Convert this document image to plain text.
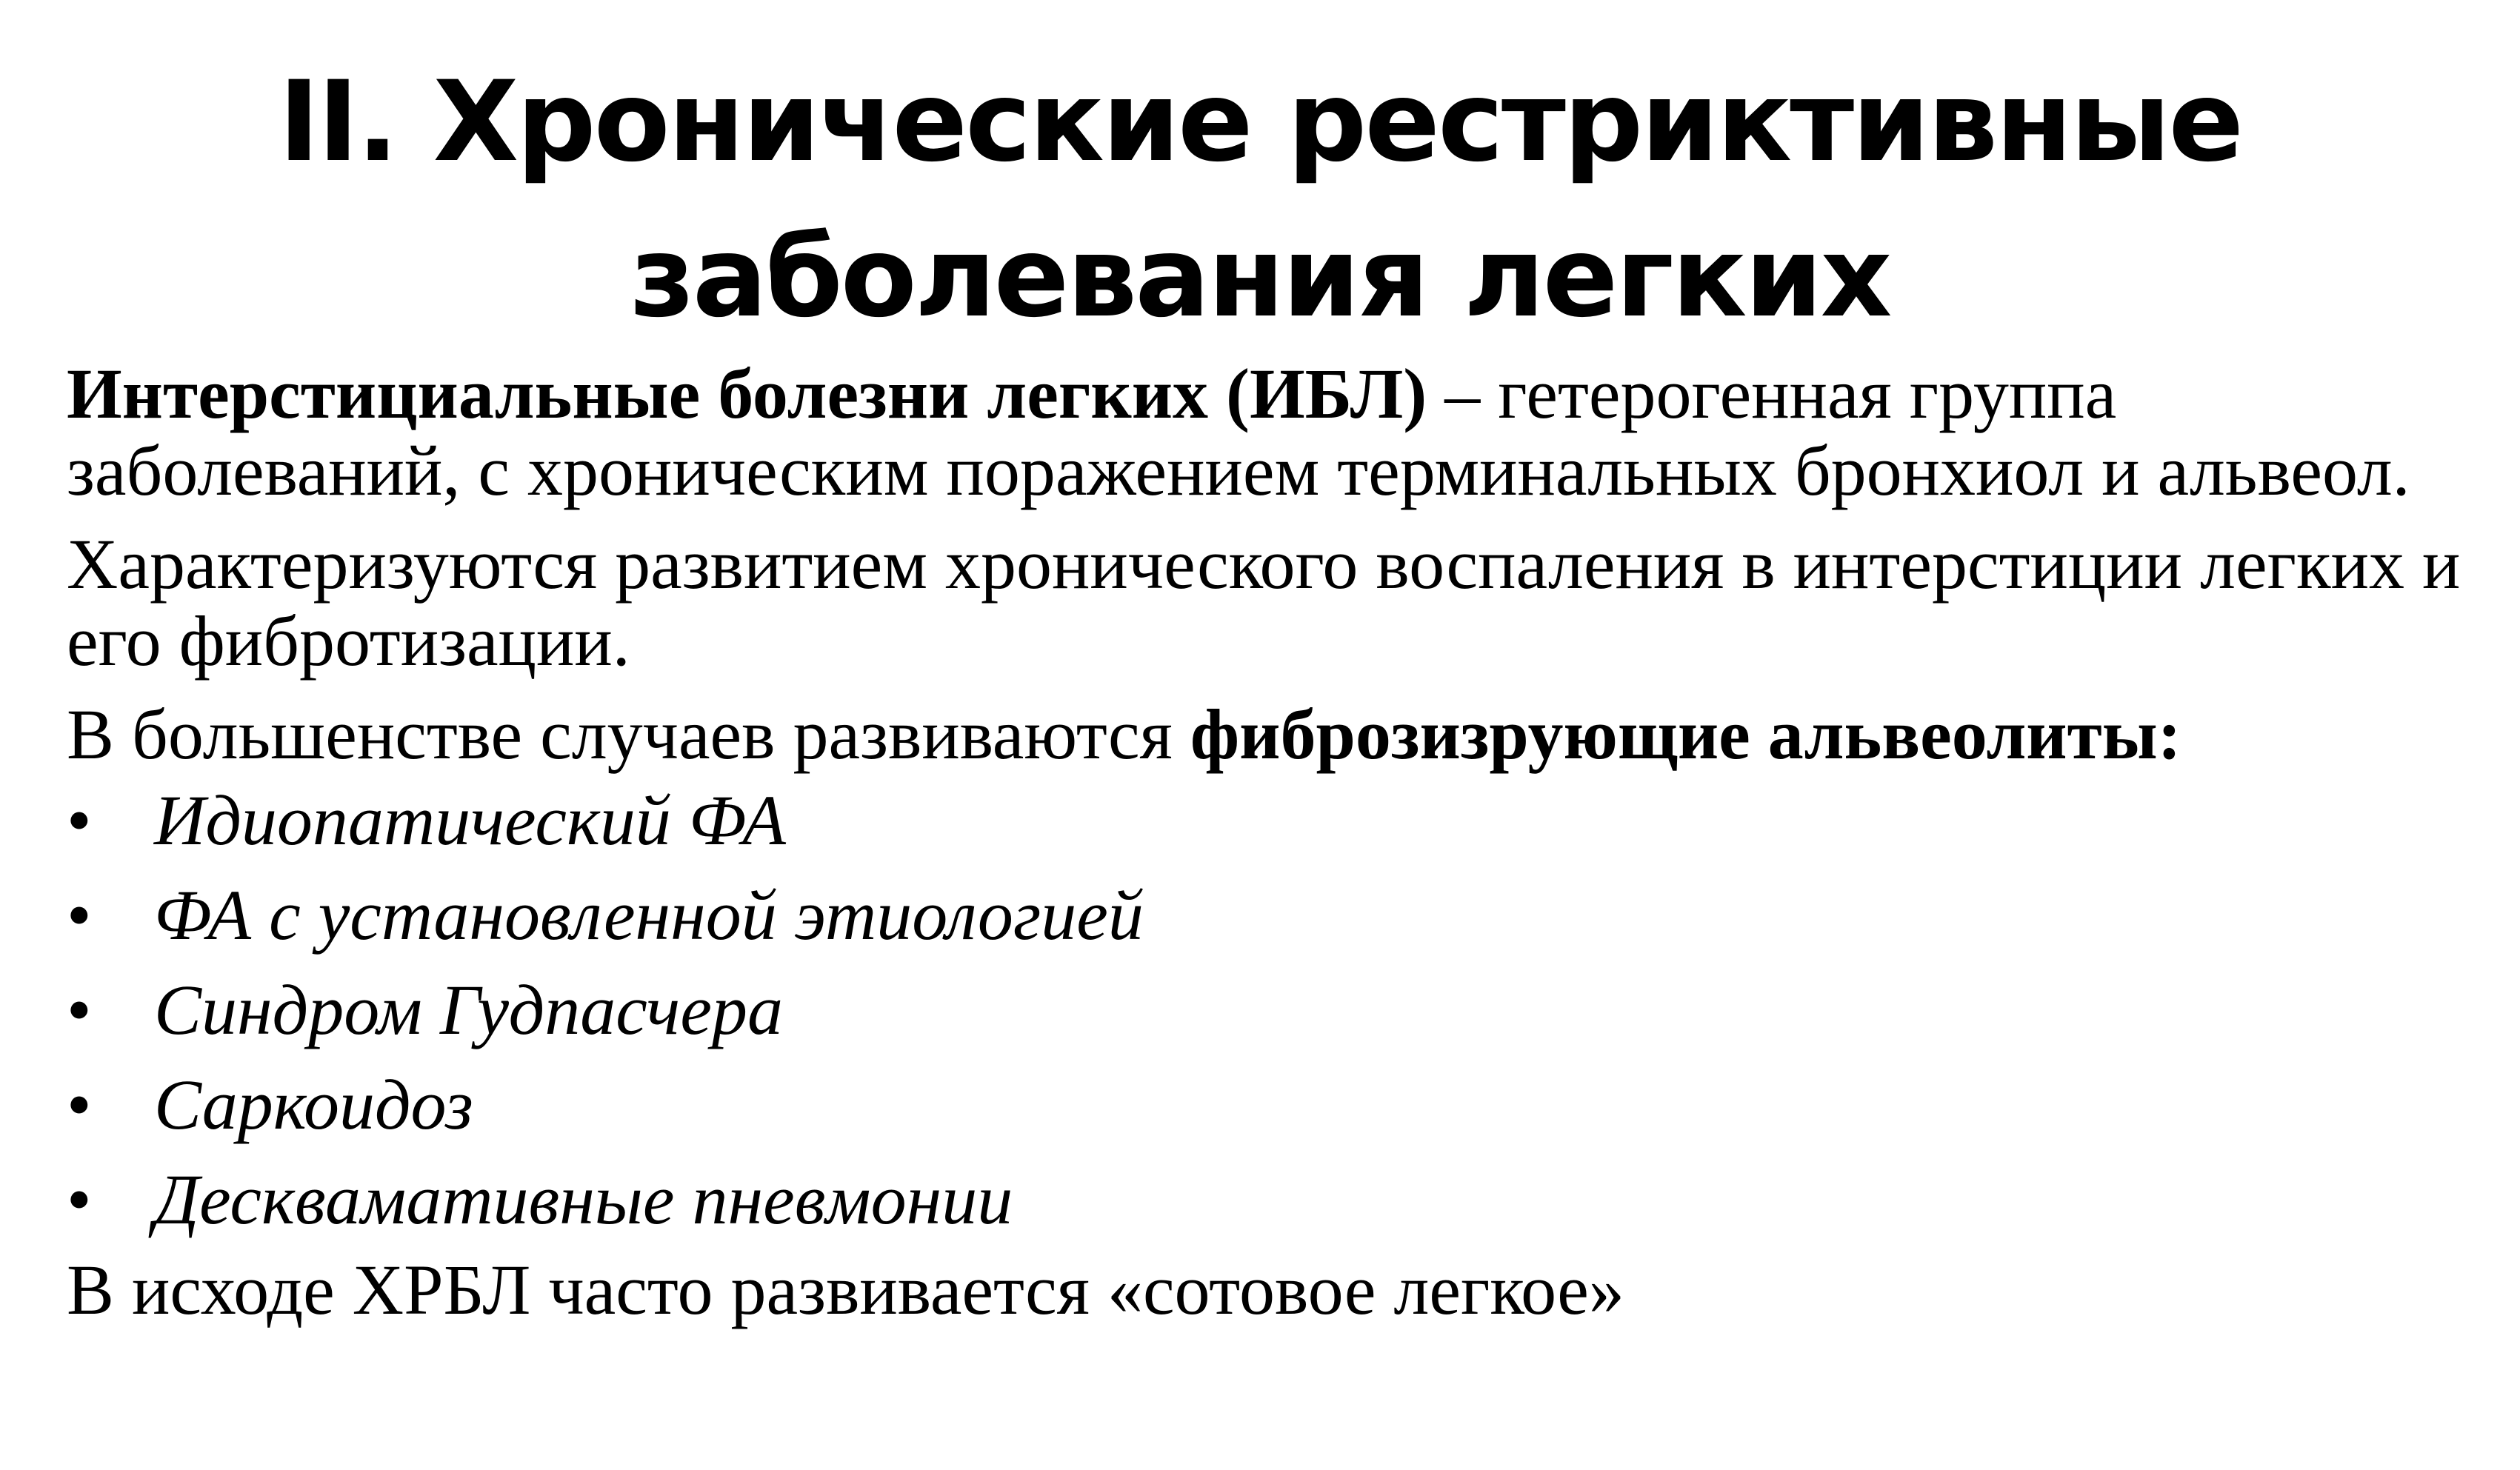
II. Хронические рестриктивные
заболевания легких

Интерстициальные болезни легких (ИБЛ) – гетерогенная группа заболеваний, с хроническим поражением терминальных бронхиол и альвеол.

Характеризуются развитием хронического воспаления в интерстиции легких и его фибротизации.

В большенстве случаев развиваются фиброзизрующие альвеолиты:

• Идиопатический ФА
• ФА с установленной этиологией
• Синдром Гудпасчера
• Саркоидоз
• Десквамативные пневмонии

В исходе ХРБЛ часто развивается «сотовое легкое»
